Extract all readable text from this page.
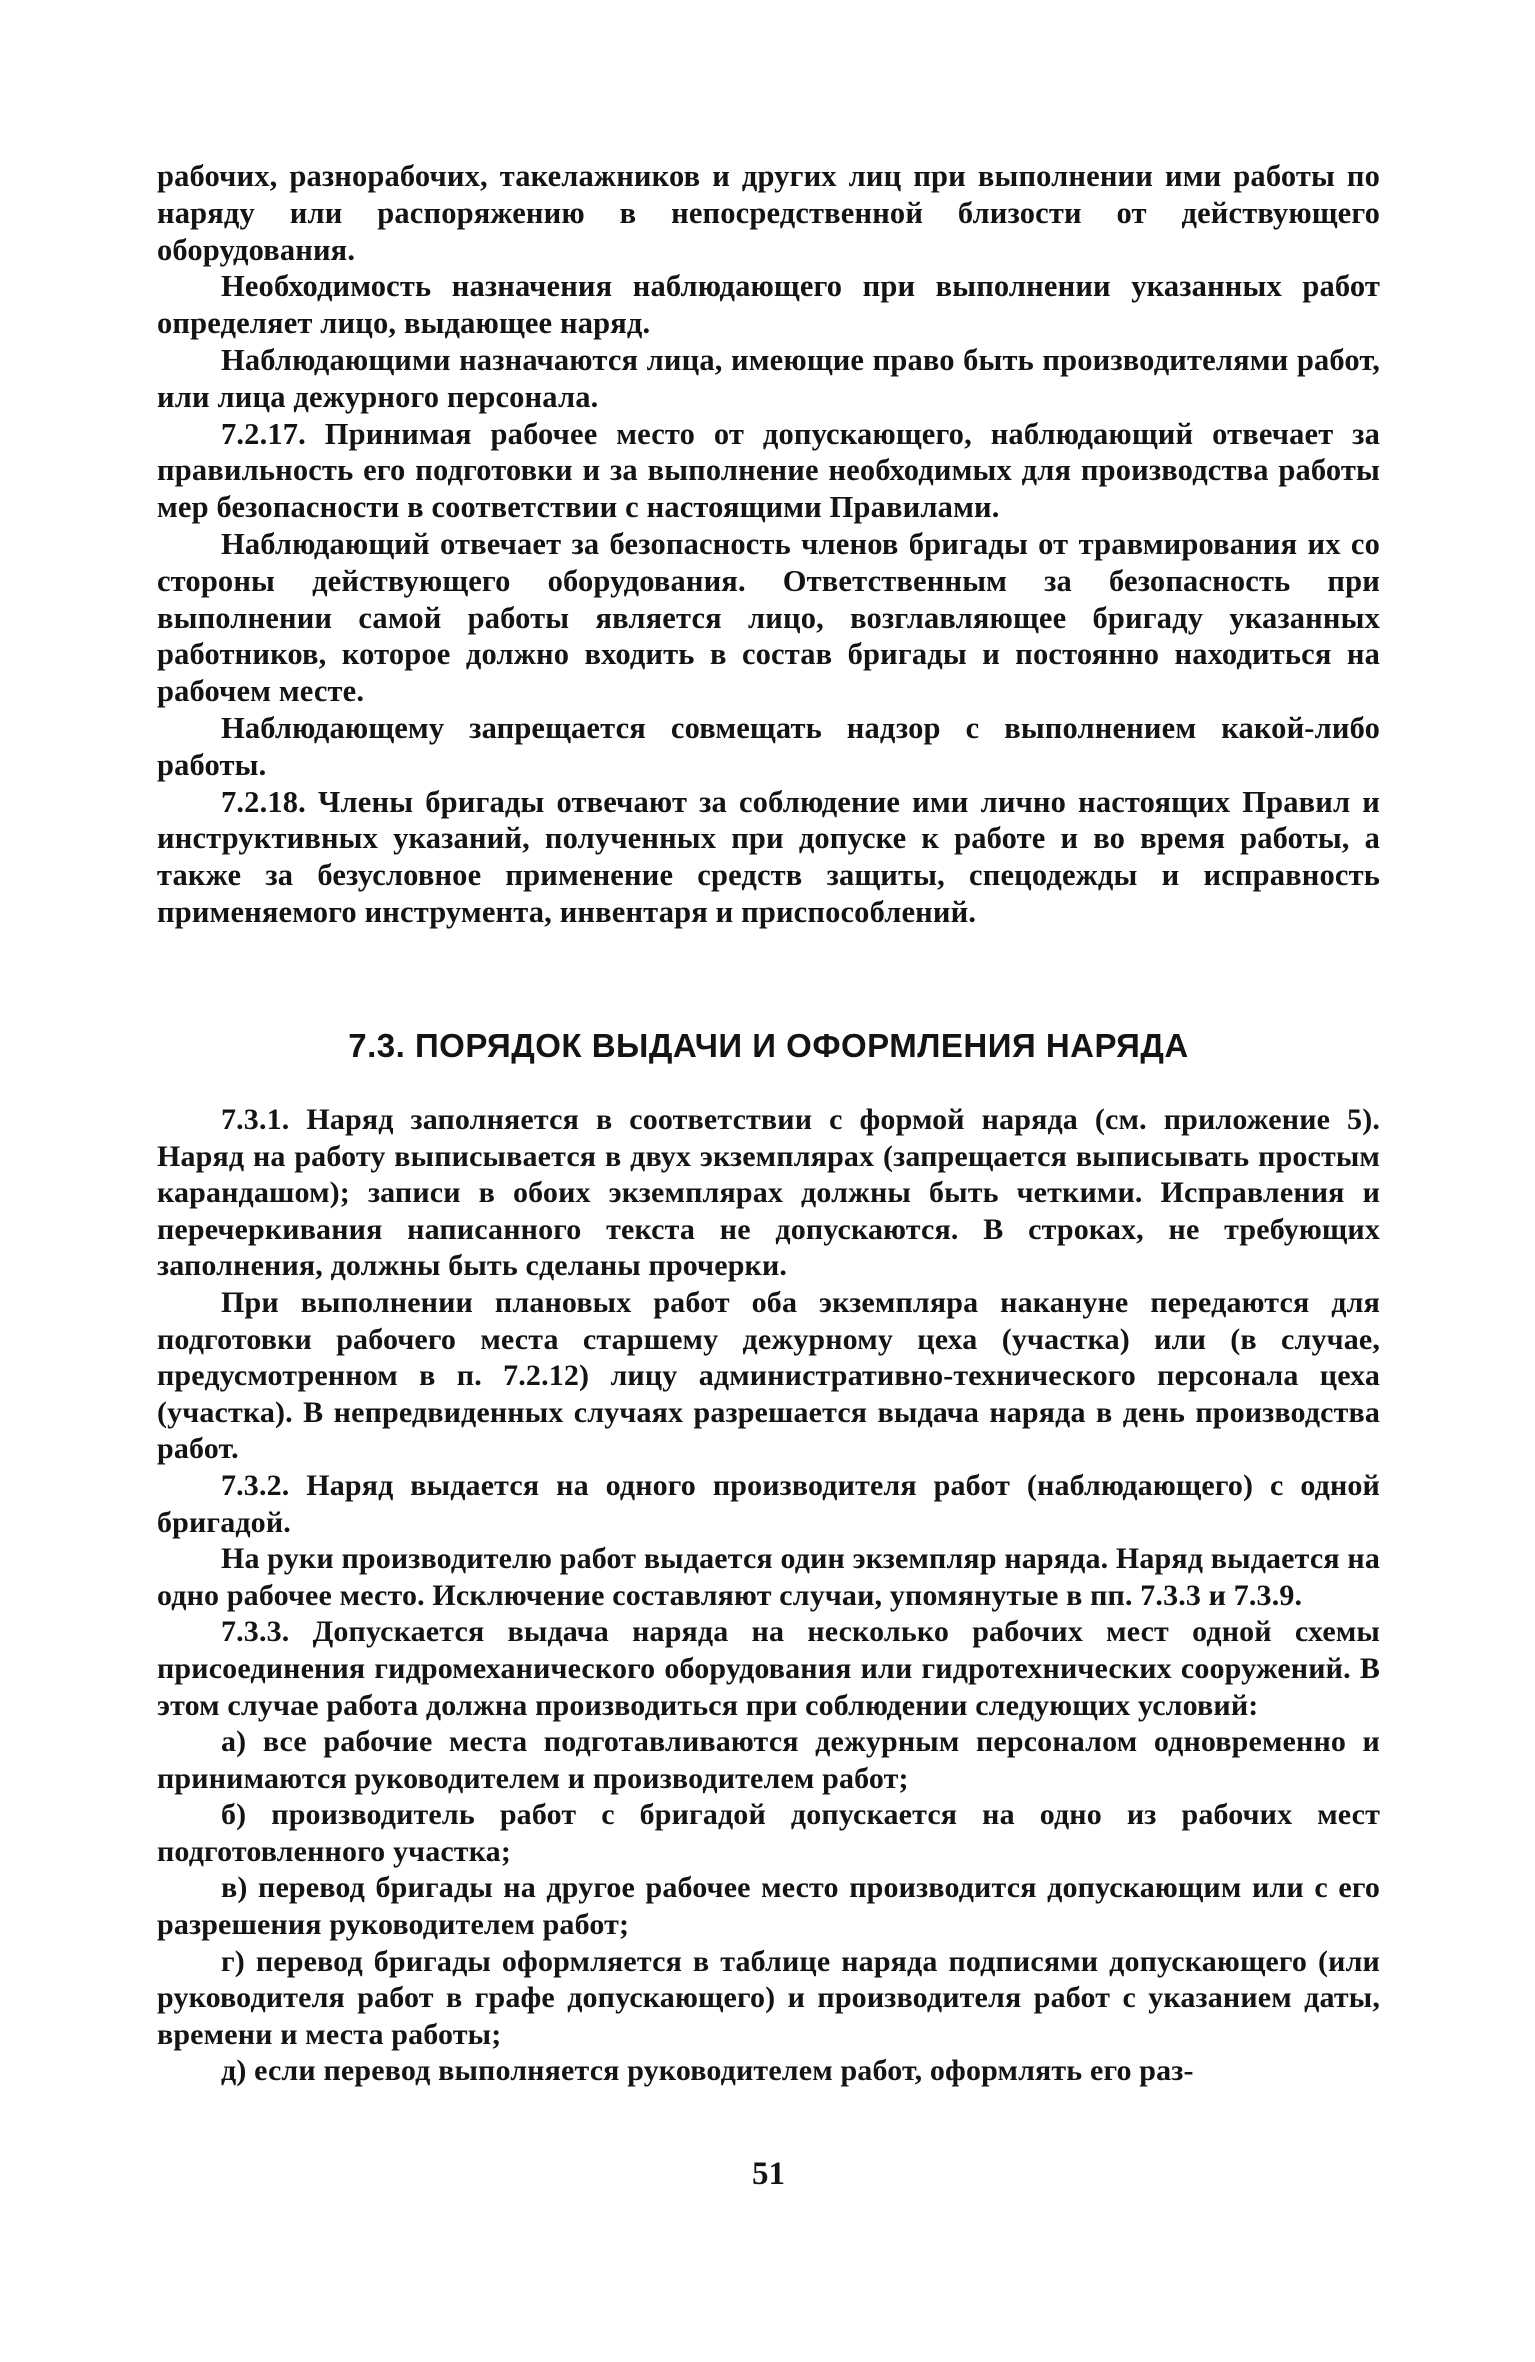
рабочих, разнорабочих, такелажников и других лиц при выполнении ими работы по наряду или распоряжению в непосредственной близости от действующего оборудования.

Необходимость назначения наблюдающего при выполнении указанных работ определяет лицо, выдающее наряд.

Наблюдающими назначаются лица, имеющие право быть производителями работ, или лица дежурного персонала.

7.2.17. Принимая рабочее место от допускающего, наблюдающий отвечает за правильность его подготовки и за выполнение необходимых для производства работы мер безопасности в соответствии с настоящими Правилами.

Наблюдающий отвечает за безопасность членов бригады от травмирования их со стороны действующего оборудования. Ответственным за безопасность при выполнении самой работы является лицо, возглавляющее бригаду указанных работников, которое должно входить в состав бригады и постоянно находиться на рабочем месте.

Наблюдающему запрещается совмещать надзор с выполнением какой-либо работы.

7.2.18. Члены бригады отвечают за соблюдение ими лично настоящих Правил и инструктивных указаний, полученных при допуске к работе и во время работы, а также за безусловное применение средств защиты, спецодежды и исправность применяемого инструмента, инвентаря и приспособлений.

7.3. ПОРЯДОК ВЫДАЧИ И ОФОРМЛЕНИЯ НАРЯДА

7.3.1. Наряд заполняется в соответствии с формой наряда (см. приложение 5). Наряд на работу выписывается в двух экземплярах (запрещается выписывать простым карандашом); записи в обоих экземплярах должны быть четкими. Исправления и перечеркивания написанного текста не допускаются. В строках, не требующих заполнения, должны быть сделаны прочерки.

При выполнении плановых работ оба экземпляра накануне передаются для подготовки рабочего места старшему дежурному цеха (участка) или (в случае, предусмотренном в п. 7.2.12) лицу административно-технического персонала цеха (участка). В непредвиденных случаях разрешается выдача наряда в день производства работ.

7.3.2. Наряд выдается на одного производителя работ (наблюдающего) с одной бригадой.

На руки производителю работ выдается один экземпляр наряда. Наряд выдается на одно рабочее место. Исключение составляют случаи, упомянутые в пп. 7.3.3 и 7.3.9.

7.3.3. Допускается выдача наряда на несколько рабочих мест одной схемы присоединения гидромеханического оборудования или гидротехнических сооружений. В этом случае работа должна производиться при соблюдении следующих условий:

а) все рабочие места подготавливаются дежурным персоналом одновременно и принимаются руководителем и производителем работ;

б) производитель работ с бригадой допускается на одно из рабочих мест подготовленного участка;

в) перевод бригады на другое рабочее место производится допускающим или с его разрешения руководителем работ;

г) перевод бригады оформляется в таблице наряда подписями допускающего (или руководителя работ в графе допускающего) и производителя работ с указанием даты, времени и места работы;

д) если перевод выполняется руководителем работ, оформлять его раз-

51
